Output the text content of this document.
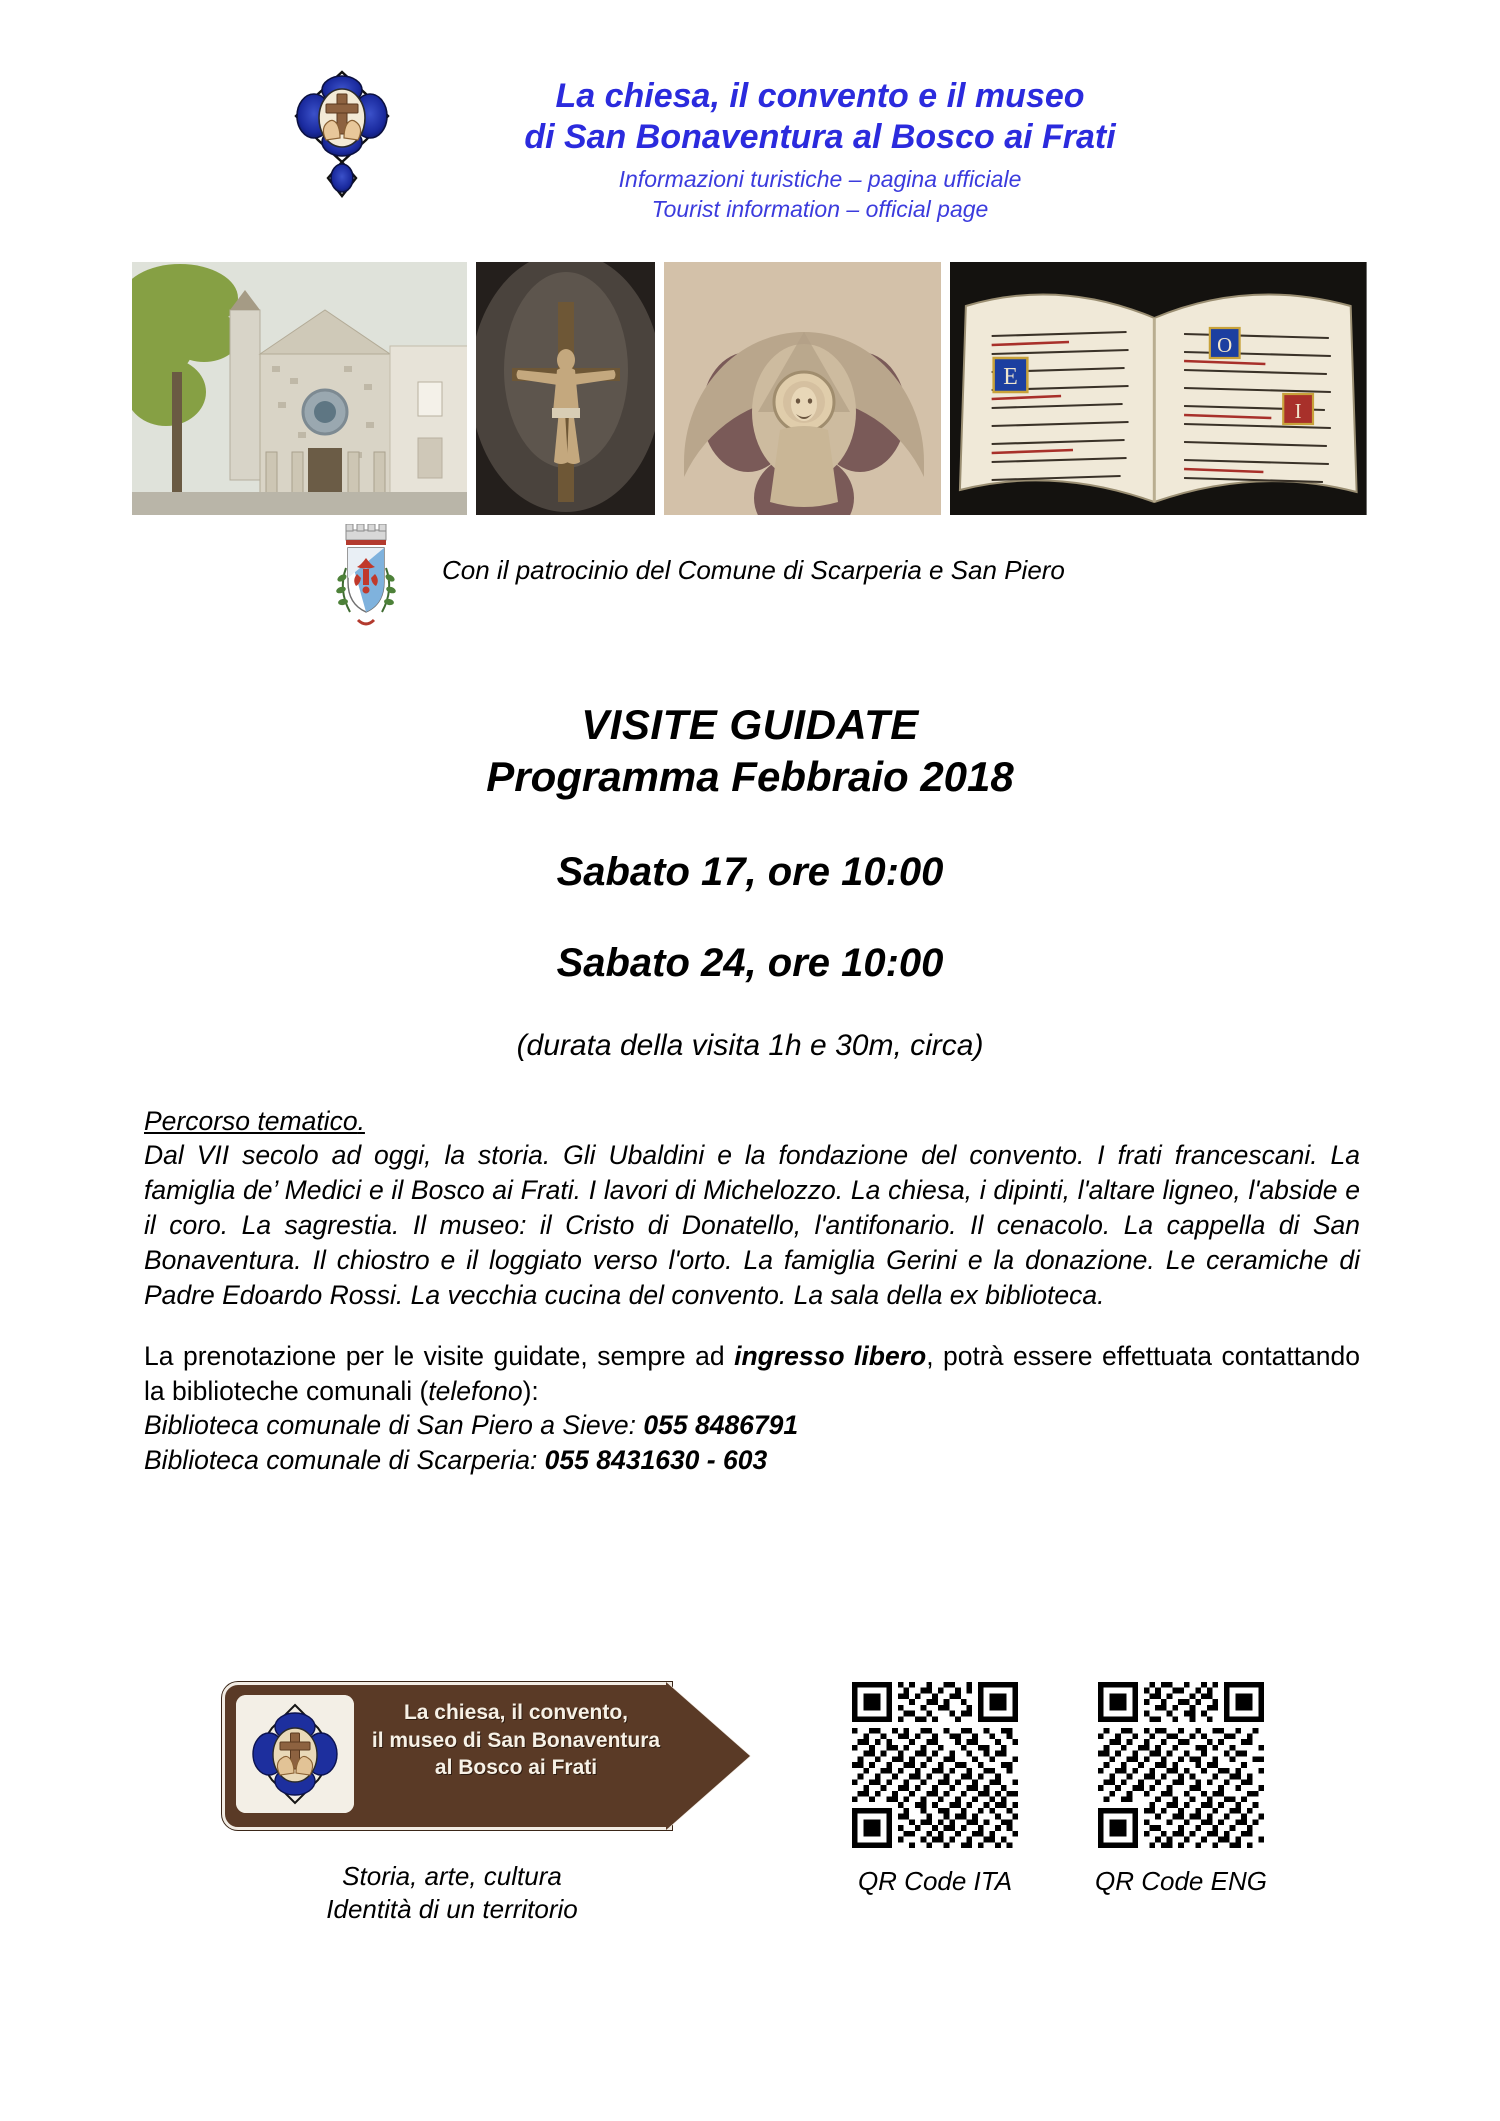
La chiesa, il convento e il museo
di San Bonaventura al Bosco ai Frati
Informazioni turistiche – pagina ufficiale
Tourist information – official page
E
O
I
Con il patrocinio del Comune di Scarperia e San Piero
VISITE GUIDATE
Programma Febbraio 2018
Sabato 17, ore 10:00
Sabato 24, ore 10:00
(durata della visita 1h e 30m, circa)
Percorso tematico.
Dal VII secolo ad oggi, la storia. Gli Ubaldini e la fondazione del convento. I frati francescani. La famiglia de’ Medici e il Bosco ai Frati. I lavori di Michelozzo. La chiesa, i dipinti, l'altare ligneo, l'abside e il coro. La sagrestia. Il museo: il Cristo di Donatello, l'antifonario. Il cenacolo. La cappella di San Bonaventura. Il chiostro e il loggiato verso l'orto. La famiglia Gerini e la donazione. Le ceramiche di Padre Edoardo Rossi. La vecchia cucina del convento. La sala della ex biblioteca.
La prenotazione per le visite guidate, sempre ad ingresso libero, potrà essere effettuata contattando la biblioteche comunali (telefono):
Biblioteca comunale di San Piero a Sieve: 055 8486791
Biblioteca comunale di Scarperia: 055 8431630 - 603
La chiesa, il convento,
il museo di San Bonaventura
al Bosco ai Frati
Storia, arte, cultura
Identità di un territorio
QR Code ITA	QR Code ENG
